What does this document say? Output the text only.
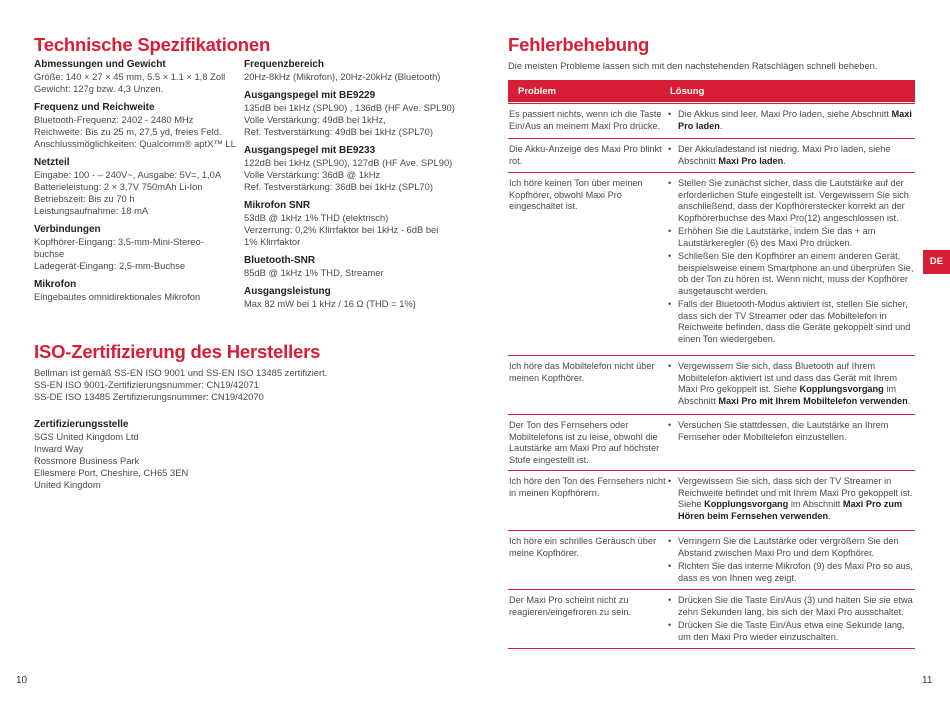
Technische Spezifikationen

Abmessungen und Gewicht

Größe: 140 × 27 × 45 mm, 5.5 × 1.1 × 1,8 Zoll
Gewicht: 127g bzw. 4,3 Unzen.

Frequenz und Reichweite

Bluetooth-Frequenz: 2402 - 2480 MHz
Reichweite: Bis zu 25 m, 27,5 yd, freies Feld.
Anschlussmöglichkeiten: Qualcomm® aptX™ LL

Netzteil

Eingabe: 100 - – 240V~, Ausgabe: 5V=, 1,0A
Batterieleistung: 2 × 3,7V 750mAh Li-Ion
Betriebszeit: Bis zu 70 h
Leistungsaufnahme: 18 mA

Verbindungen

Kopfhörer-Eingang: 3,5-mm-Mini-Stereo-
buchse
Ladegerät-Eingang: 2,5-mm-Buchse

Mikrofon

Eingebautes omnidirektionales Mikrofon

Frequenzbereich

20Hz-8kHz (Mikrofon), 20Hz-20kHz (Bluetooth)

Ausgangspegel mit BE9229

135dB bei 1kHz (SPL90) , 136dB (HF Ave. SPL90)
Volle Verstärkung: 49dB bei 1kHz,
Ref. Testverstärkung: 49dB bei 1kHz (SPL70)

Ausgangspegel mit BE9233

122dB bei 1kHz (SPL90), 127dB (HF Ave. SPL90)
Volle Verstärkung: 36dB @ 1kHz
Ref. Testverstärkung: 36dB bei 1kHz (SPL70)

Mikrofon SNR

53dB @ 1kHz 1% THD (elektrisch)
Verzerrung: 0,2% Klirrfaktor bei 1kHz - 6dB bei
1% Klirrfaktor

Bluetooth-SNR

85dB @ 1kHz 1% THD, Streamer

Ausgangsleistung

Max 82 mW bei 1 kHz / 16 Ω (THD = 1%)

ISO-Zertifizierung des Herstellers

Bellman ist gemäß SS-EN ISO 9001 und SS-EN ISO 13485 zertifiziert.
SS-EN ISO 9001-Zertifizierungsnummer: CN19/42071
SS-DE ISO 13485 Zertifizierungsnummer: CN19/42070

Zertifizierungsstelle

SGS United Kingdom Ltd
Inward Way
Rossmore Business Park
Ellesmere Port, Cheshire, CH65 3EN
United Kingdom

10
Fehlerbehebung

Die meisten Probleme lassen sich mit den nachstehenden Ratschlägen schnell beheben.

Problem	Lösung
Es passiert nichts, wenn ich die Taste Ein/Aus an meinem Maxi Pro drücke.
• Die Akkus sind leer. Maxi Pro laden, siehe Abschnitt Maxi Pro laden.
Die Akku-Anzeige des Maxi Pro blinkt rot.
• Der Akkuladestand ist niedrig. Maxi Pro laden, siehe Abschnitt Maxi Pro laden.
Ich höre keinen Ton über meinen Kopfhörer, obwohl Maxi Pro eingeschaltet ist.
• Stellen Sie zunächst sicher, dass die Lautstärke auf der erforderlichen Stufe eingestellt ist. Vergewissern Sie sich anschließend, dass der Kopfhörerstecker korrekt an der Kopfhörerbuchse des Maxi Pro(12) angeschlossen ist.
• Erhöhen Sie die Lautstärke, indem Sie das + am Lautstärkeregler (6) des Maxi Pro drücken.
• Schließen Sie den Kopfhörer an einem anderen Gerät, beispielsweise einem Smartphone an und überprüfen Sie, ob der Ton zu hören ist. Wenn nicht, muss der Kopfhörer ausgetauscht werden.
• Falls der Bluetooth-Modus aktiviert ist, stellen Sie sicher, dass sich der TV Streamer oder das Mobiltelefon in Reichweite befinden, dass die Geräte gekoppelt sind und einen Ton wiedergeben.
Ich höre das Mobiltelefon nicht über meinen Kopfhörer.
• Vergewissern Sie sich, dass Bluetooth auf Ihrem Mobiltelefon aktiviert ist und dass das Gerät mit Ihrem Maxi Pro gekoppelt ist. Siehe Kopplungsvorgang im Abschnitt Maxi Pro mit Ihrem Mobiltelefon verwenden.
Der Ton des Fernsehers oder Mobiltelefons ist zu leise, obwohl die Lautstärke am Maxi Pro auf höchster Stufe eingestellt ist.
• Versuchen Sie stattdessen, die Lautstärke an Ihrem Fernseher oder Mobiltelefon einzustellen.
Ich höre den Ton des Fernsehers nicht in meinen Kopfhörern.
• Vergewissern Sie sich, dass sich der TV Streamer in Reichweite befindet und mit Ihrem Maxi Pro gekoppelt ist. Siehe Kopplungsvorgang im Abschnitt Maxi Pro zum Hören beim Fernsehen verwenden.
Ich höre ein schrilles Geräusch über meine Kopfhörer.
• Verringern Sie die Lautstärke oder vergrößern Sie den Abstand zwischen Maxi Pro und dem Kopfhörer.
• Richten Sie das interne Mikrofon (9) des Maxi Pro so aus, dass es von Ihnen weg zeigt.
Der Maxi Pro scheint nicht zu reagieren/eingefroren zu sein.
• Drücken Sie die Taste Ein/Aus (3) und halten Sie sie etwa zehn Sekunden lang, bis sich der Maxi Pro ausschaltet.
• Drücken Sie die Taste Ein/Aus etwa eine Sekunde lang, um den Maxi Pro wieder einzuschalten.
DE
11
